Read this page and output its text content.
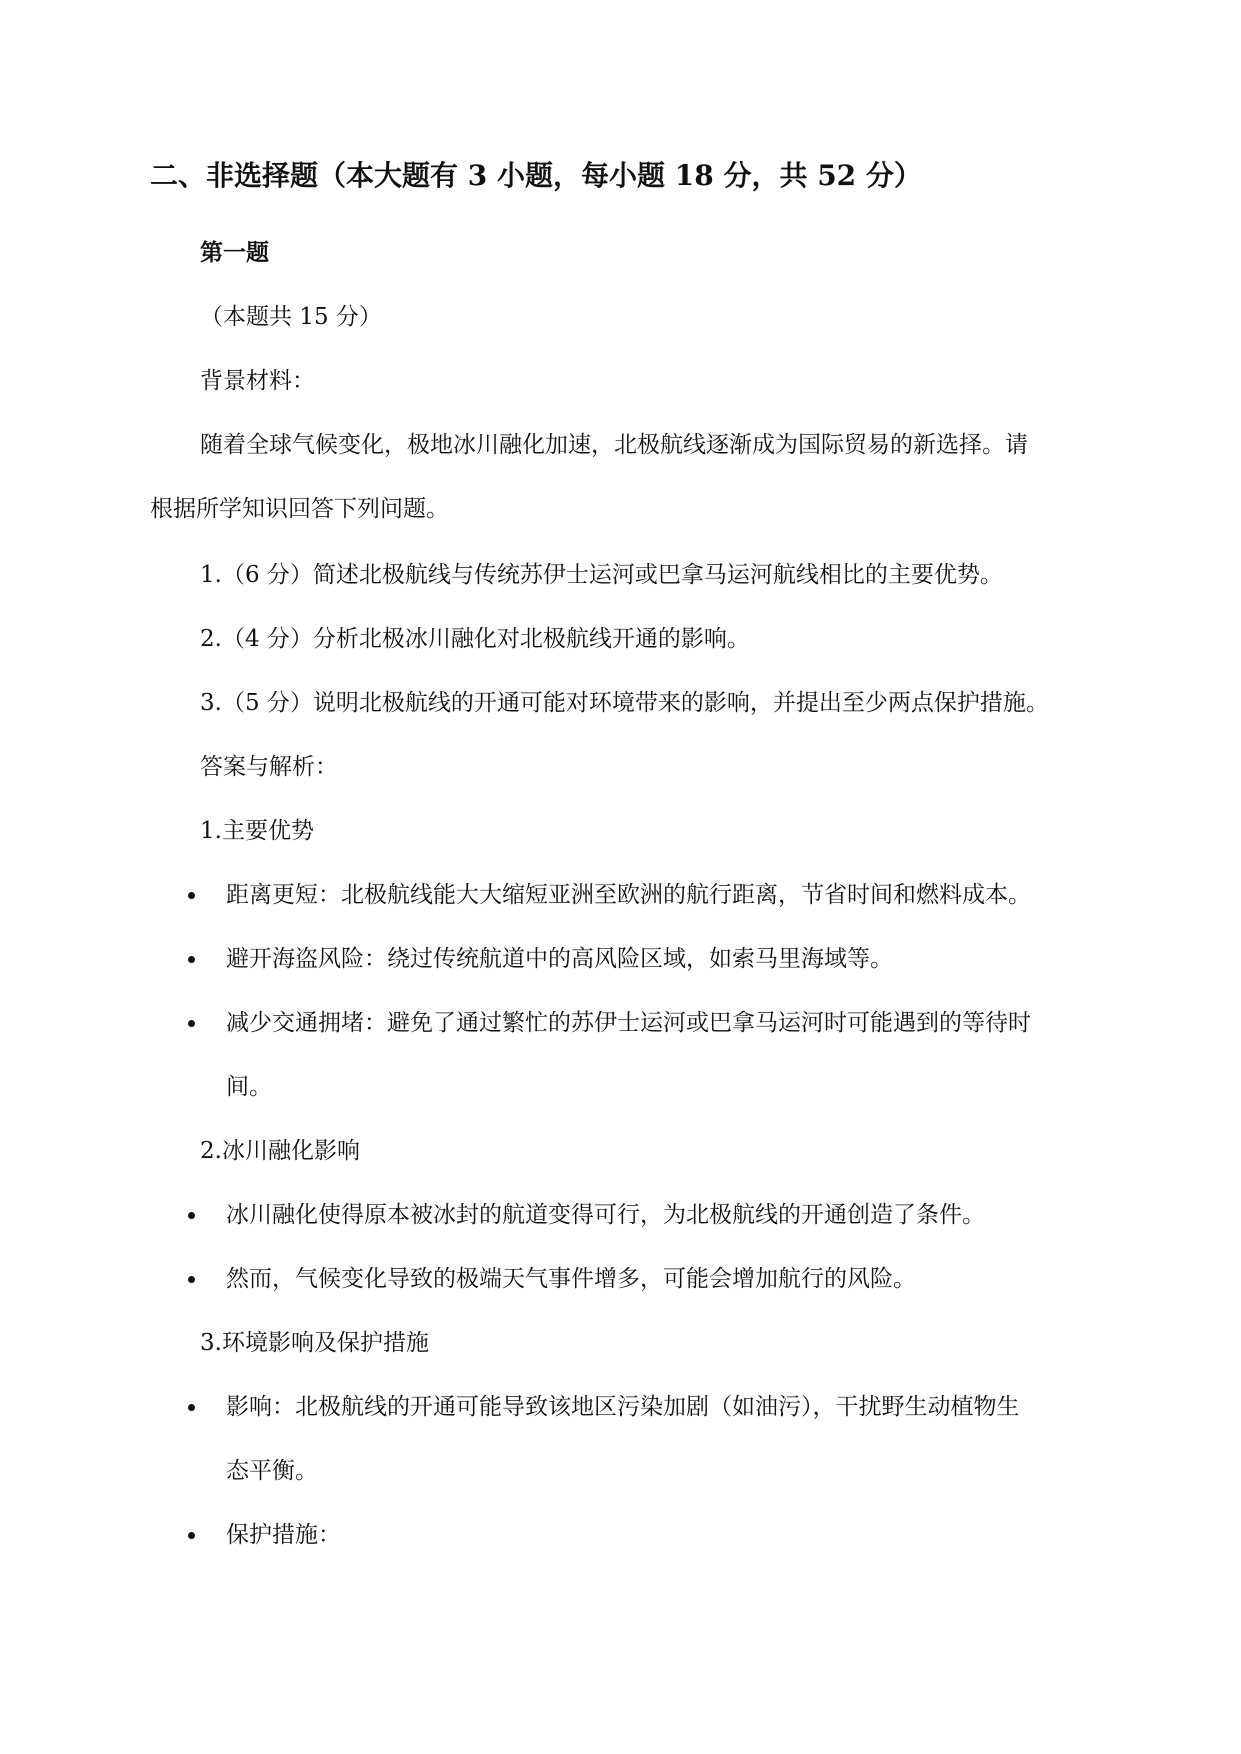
二、非选择题（本大题有 3 小题，每小题 18 分，共 52 分）
第一题
（本题共 15 分）
背景材料：
随着全球气候变化，极地冰川融化加速，北极航线逐渐成为国际贸易的新选择。请
根据所学知识回答下列问题。
1.（6 分）简述北极航线与传统苏伊士运河或巴拿马运河航线相比的主要优势。
2.（4 分）分析北极冰川融化对北极航线开通的影响。
3.（5 分）说明北极航线的开通可能对环境带来的影响，并提出至少两点保护措施。
答案与解析：
1.主要优势
距离更短：北极航线能大大缩短亚洲至欧洲的航行距离，节省时间和燃料成本。
避开海盗风险：绕过传统航道中的高风险区域，如索马里海域等。
减少交通拥堵：避免了通过繁忙的苏伊士运河或巴拿马运河时可能遇到的等待时
间。
2.冰川融化影响
冰川融化使得原本被冰封的航道变得可行，为北极航线的开通创造了条件。
然而，气候变化导致的极端天气事件增多，可能会增加航行的风险。
3.环境影响及保护措施
影响：北极航线的开通可能导致该地区污染加剧（如油污），干扰野生动植物生
态平衡。
保护措施：
